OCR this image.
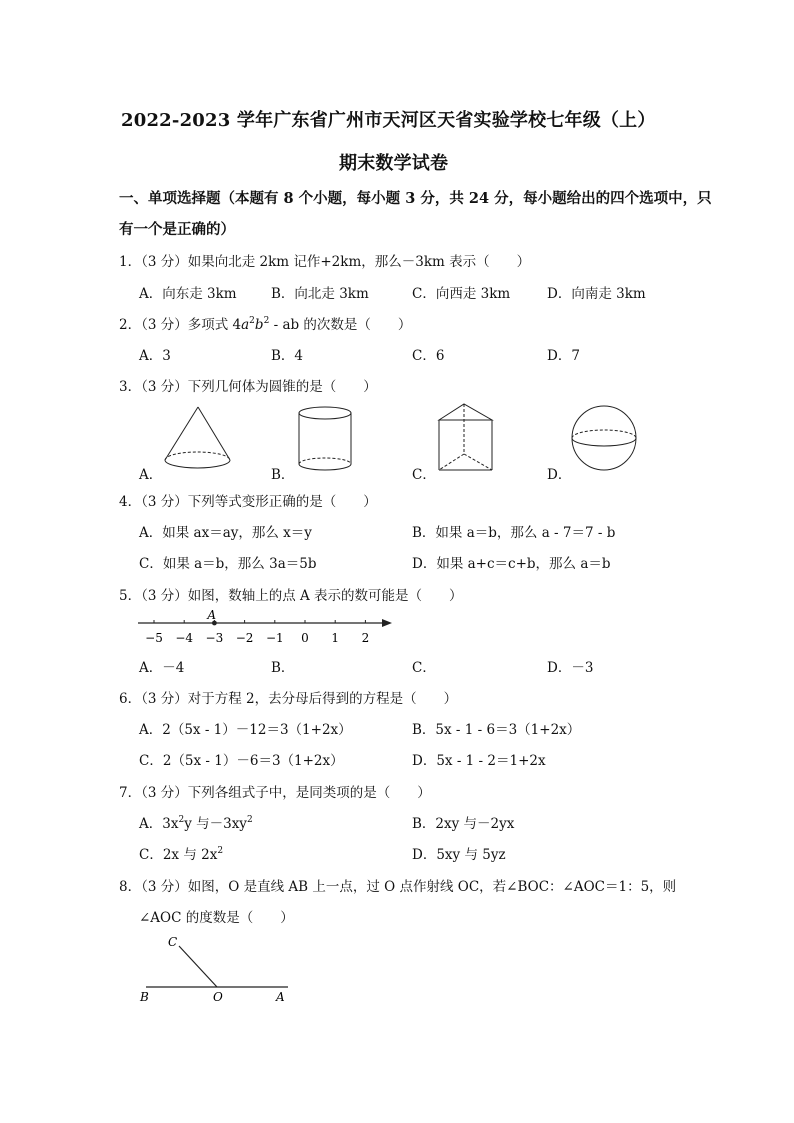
2022-2023 学年广东省广州市天河区天省实验学校七年级（上）
期末数学试卷
一、单项选择题（本题有 8 个小题，每小题 3 分，共 24 分，每小题给出的四个选项中，只
有一个是正确的）
1．（3 分）如果向北走 2km 记作+2km，那么－3km 表示（　　）
A．向东走 3km	B．向北走 3km	C．向西走 3km	D．向南走 3km
2．（3 分）多项式 $4a^2b^2$ - ab 的次数是（　　）
A．3	B．4	C．6	D．7
3．（3 分）下列几何体为圆锥的是（　　）
A．	B．	C．	D．
4．（3 分）下列等式变形正确的是（　　）
A．如果 ax＝ay，那么 x＝y	B．如果 a＝b，那么 a - 7＝7 - b
C．如果 a＝b，那么 3a＝5b	D．如果 a+c＝c+b，那么 a＝b
5．（3 分）如图，数轴上的点 A 表示的数可能是（　　）
−5 −4 −3 −2 −1 0 1 2
A
A．－4	B．	C．	D．－3
6．（3 分）对于方程 2，去分母后得到的方程是（　　）
A．2（5x - 1）－12＝3（1+2x）	B．5x - 1 - 6＝3（1+2x）
C．2（5x - 1）－6＝3（1+2x）	D．5x - 1 - 2＝1+2x
7．（3 分）下列各组式子中，是同类项的是（　　）
A．$3x^2y$ 与$-3xy^2$	B．2xy 与－2yx
C．2x 与 $2x^2$	D．5xy 与 5yz
8．（3 分）如图，O 是直线 AB 上一点，过 O 点作射线 OC，若∠BOC：∠AOC＝1：5，则
∠AOC 的度数是（　　）
C
B	O	A
